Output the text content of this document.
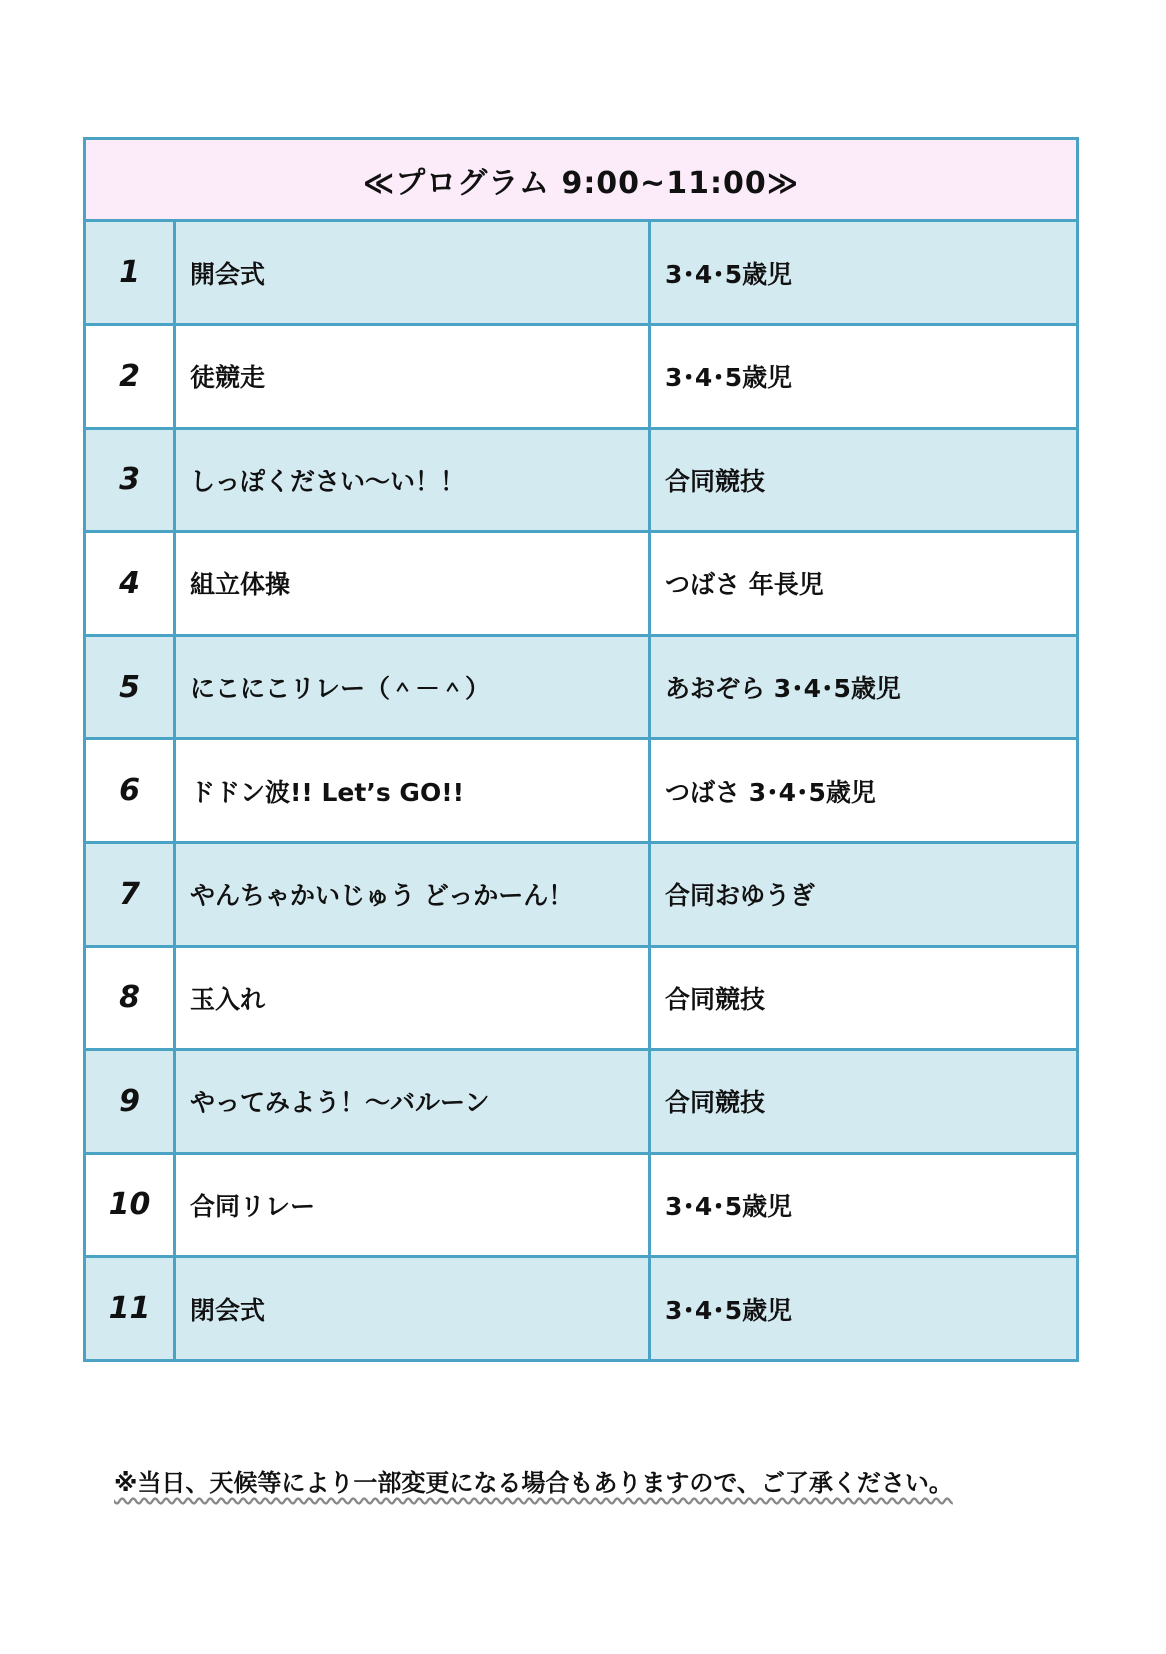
≪プログラム 9:00~11:00≫		
1	開会式	3･4･5歳児
2	徒競走	3･4･5歳児
3	しっぽください～い！！	合同競技
4	組立体操	つばさ 年長児
5	にこにこリレー（＾－＾）	あおぞら 3･4･5歳児
6	ドドン波!! Let’s GO!!	つばさ 3･4･5歳児
7	やんちゃかいじゅう どっかーん！	合同おゆうぎ
8	玉入れ	合同競技
9	やってみよう！～バルーン	合同競技
10	合同リレー	3･4･5歳児
11	閉会式	3･4･5歳児
※当日、天候等により一部変更になる場合もありますので、ご了承ください。
